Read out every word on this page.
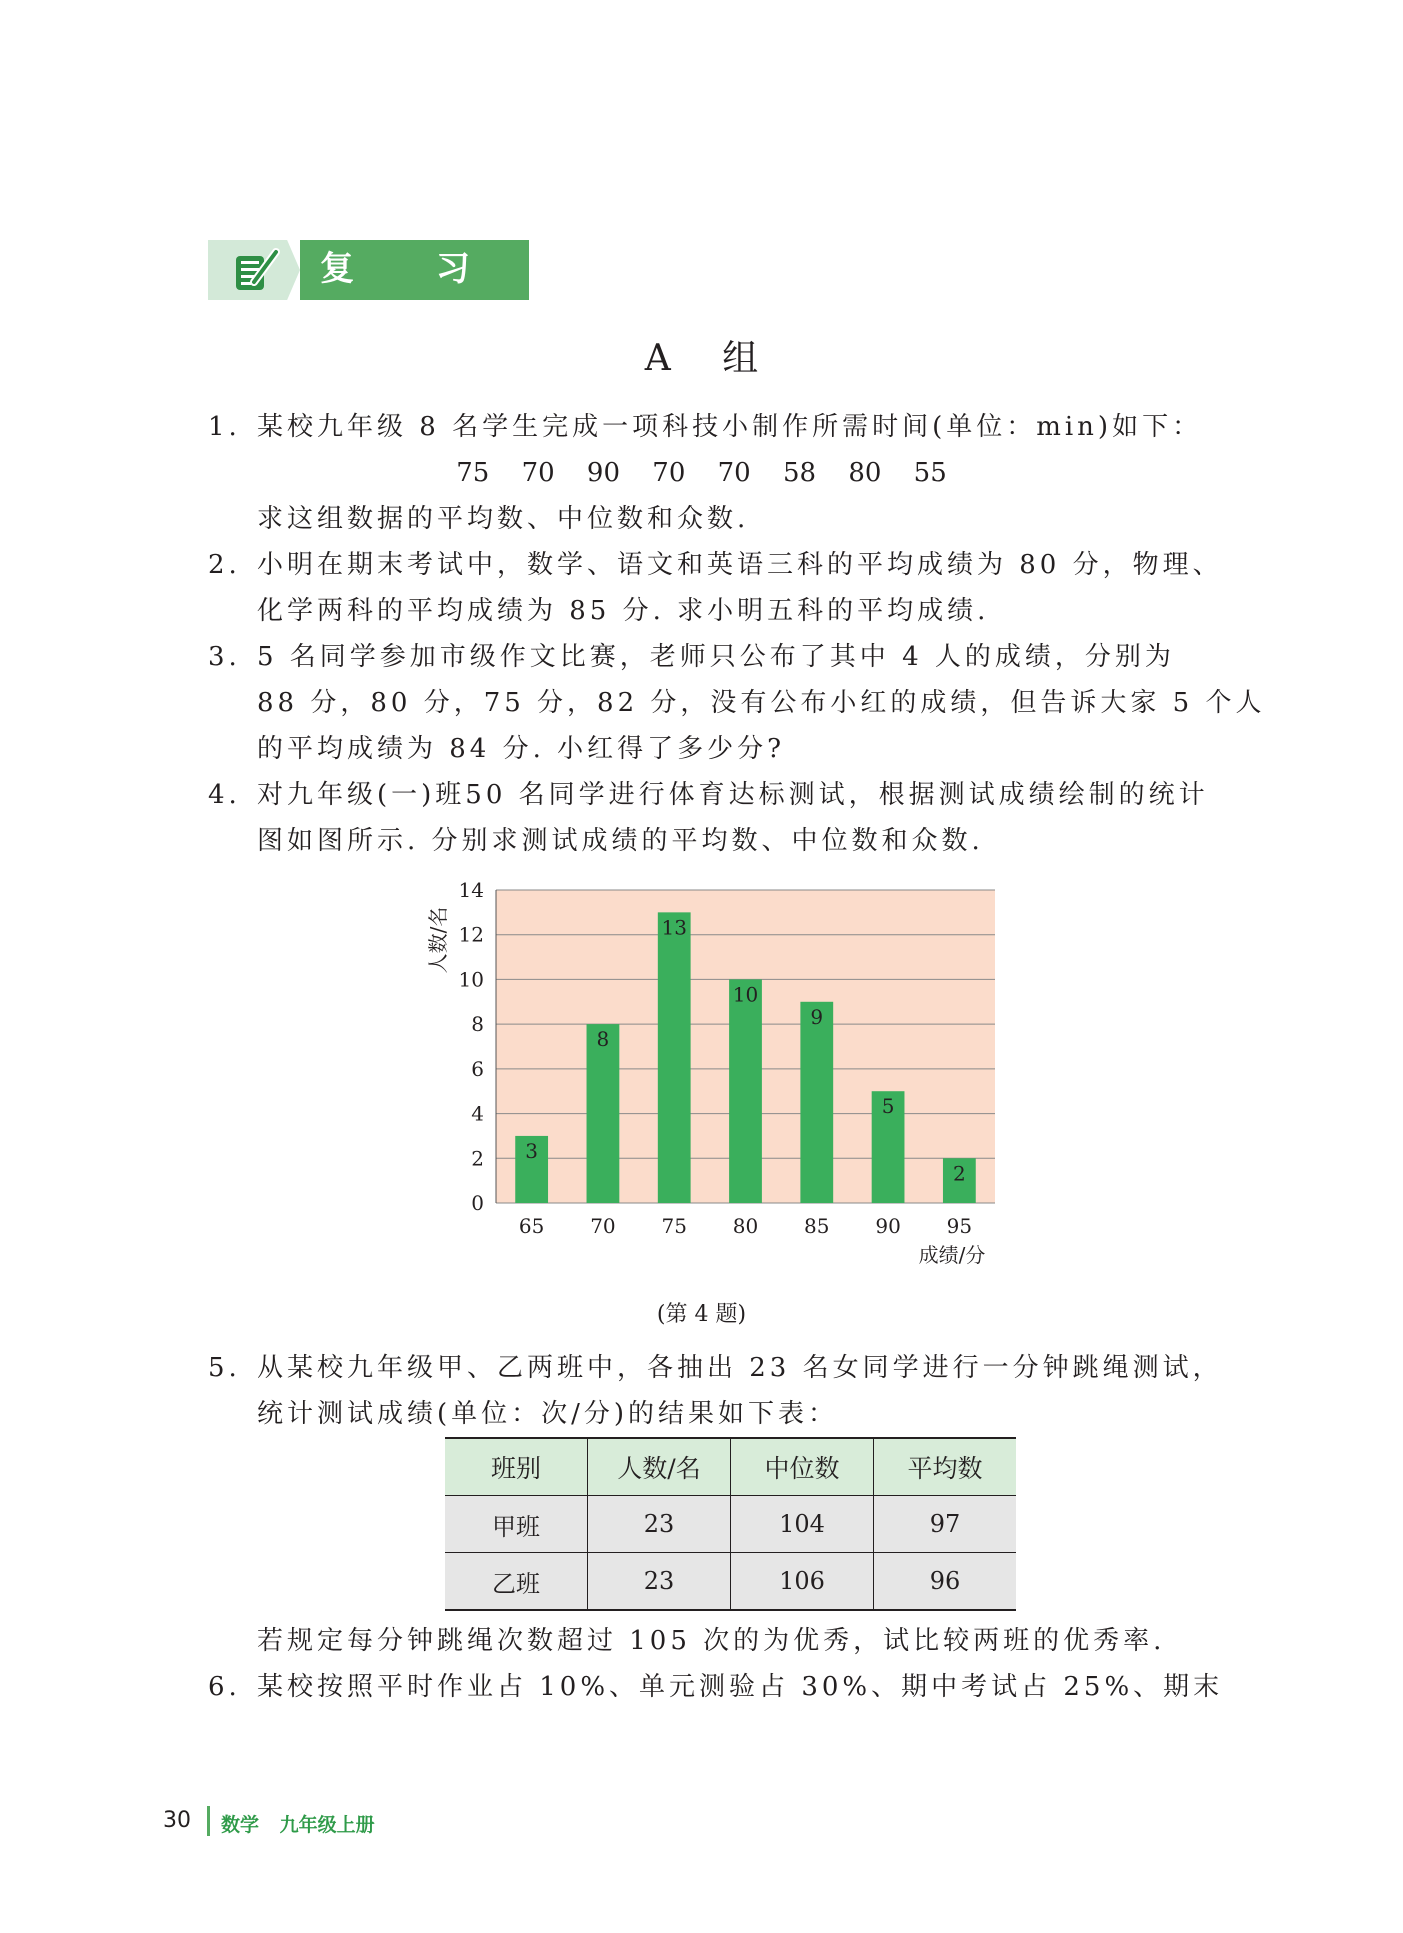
复 习 题
A 组
1. 某校九年级 8 名学生完成一项科技小制作所需时间(单位：min)如下：
75 70 90 70 70 58 80 55
求这组数据的平均数、中位数和众数.
2. 小明在期末考试中，数学、语文和英语三科的平均成绩为 80 分，物理、
化学两科的平均成绩为 85 分. 求小明五科的平均成绩.
3. 5 名同学参加市级作文比赛，老师只公布了其中 4 人的成绩，分别为
88 分，80 分，75 分，82 分，没有公布小红的成绩，但告诉大家 5 个人
的平均成绩为 84 分. 小红得了多少分?
4. 对九年级(一)班50 名同学进行体育达标测试，根据测试成绩绘制的统计
图如图所示. 分别求测试成绩的平均数、中位数和众数.
0
2
4
6
8
10
12
14
3
65
8
70
13
75
10
80
9
85
5
90
2
95
人数/名
成绩/分
(第 4 题)
5. 从某校九年级甲、乙两班中，各抽出 23 名女同学进行一分钟跳绳测试，
统计测试成绩(单位：次/分)的结果如下表：
班别	人数/名	中位数	平均数
甲班	23	104	97
乙班	23	106	96
若规定每分钟跳绳次数超过 105 次的为优秀，试比较两班的优秀率.
6. 某校按照平时作业占 10%、单元测验占 30%、期中考试占 25%、期末
30 数学 九年级上册
